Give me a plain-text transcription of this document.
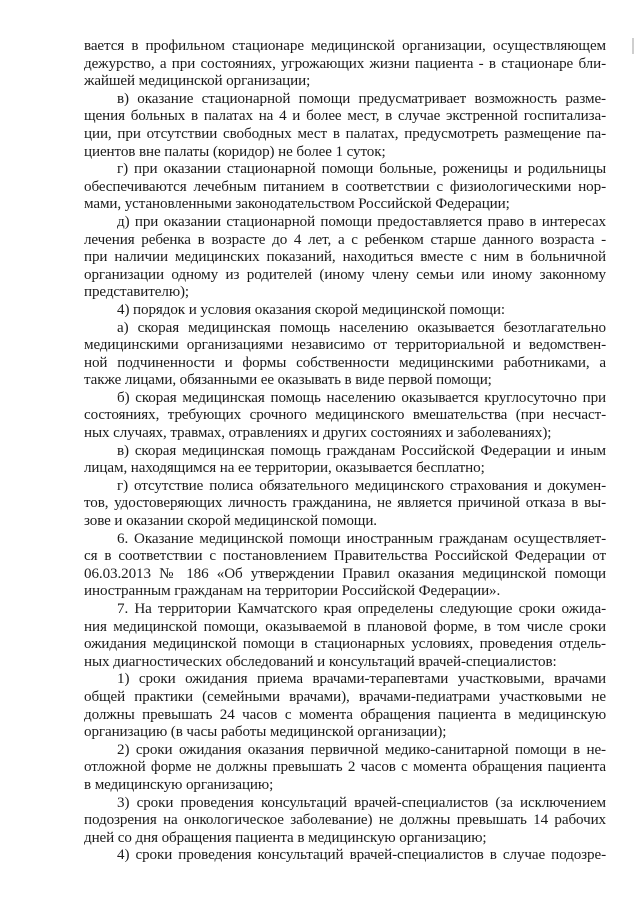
вается в профильном стационаре медицинской организации, осуществляющем
дежурство, а при состояниях, угрожающих жизни пациента - в стационаре бли-
жайшей медицинской организации;

в) оказание стационарной помощи предусматривает возможность разме-
щения больных в палатах на 4 и более мест, в случае экстренной госпитализа-
ции, при отсутствии свободных мест в палатах, предусмотреть размещение па-
циентов вне палаты (коридор) не более 1 суток;

г) при оказании стационарной помощи больные, роженицы и родильницы
обеспечиваются лечебным питанием в соответствии с физиологическими нор-
мами, установленными законодательством Российской Федерации;

д) при оказании стационарной помощи предоставляется право в интересах
лечения ребенка в возрасте до 4 лет, а с ребенком старше данного возраста -
при наличии медицинских показаний, находиться вместе с ним в больничной
организации одному из родителей (иному члену семьи или иному законному
представителю);

4) порядок и условия оказания скорой медицинской помощи:

а) скорая медицинская помощь населению оказывается безотлагательно
медицинскими организациями независимо от территориальной и ведомствен-
ной подчиненности и формы собственности медицинскими работниками, а
также лицами, обязанными ее оказывать в виде первой помощи;

б) скорая медицинская помощь населению оказывается круглосуточно при
состояниях, требующих срочного медицинского вмешательства (при несчаст-
ных случаях, травмах, отравлениях и других состояниях и заболеваниях);

в) скорая медицинская помощь гражданам Российской Федерации и иным
лицам, находящимся на ее территории, оказывается бесплатно;

г) отсутствие полиса обязательного медицинского страхования и докумен-
тов, удостоверяющих личность гражданина, не является причиной отказа в вы-
зове и оказании скорой медицинской помощи.

6. Оказание медицинской помощи иностранным гражданам осуществляет-
ся в соответствии с постановлением Правительства Российской Федерации от
06.03.2013 № 186 «Об утверждении Правил оказания медицинской помощи
иностранным гражданам на территории Российской Федерации».

7. На территории Камчатского края определены следующие сроки ожида-
ния медицинской помощи, оказываемой в плановой форме, в том числе сроки
ожидания медицинской помощи в стационарных условиях, проведения отдель-
ных диагностических обследований и консультаций врачей-специалистов:

1) сроки ожидания приема врачами-терапевтами участковыми, врачами
общей практики (семейными врачами), врачами-педиатрами участковыми не
должны превышать 24 часов с момента обращения пациента в медицинскую
организацию (в часы работы медицинской организации);

2) сроки ожидания оказания первичной медико-санитарной помощи в не-
отложной форме не должны превышать 2 часов с момента обращения пациента
в медицинскую организацию;

3) сроки проведения консультаций врачей-специалистов (за исключением
подозрения на онкологическое заболевание) не должны превышать 14 рабочих
дней со дня обращения пациента в медицинскую организацию;

4) сроки проведения консультаций врачей-специалистов в случае подозре-
